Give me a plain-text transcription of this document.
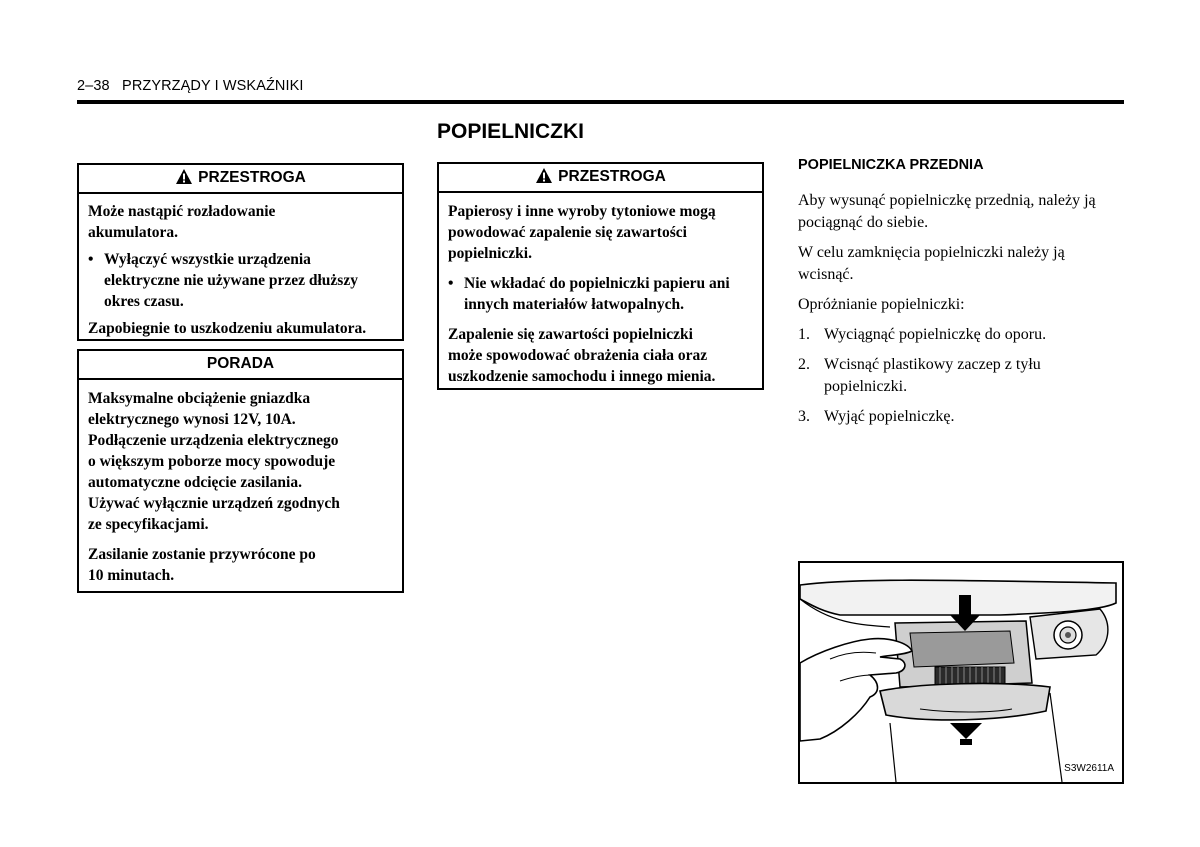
2–38   PRZYRZĄDY I WSKAŹNIKI
POPIELNICZKI
PRZESTROGA

Może nastąpić rozładowanie
akumulatora.

• Wyłączyć wszystkie urządzenia
elektryczne nie używane przez dłuższy
okres czasu.

Zapobiegnie to uszkodzeniu akumulatora.

PORADA

Maksymalne obciążenie gniazdka
elektrycznego wynosi 12V, 10A.
Podłączenie urządzenia elektrycznego
o większym poborze mocy spowoduje
automatyczne odcięcie zasilania.
Używać wyłącznie urządzeń zgodnych
ze specyfikacjami.

Zasilanie zostanie przywrócone po
10 minutach.

PRZESTROGA

Papierosy i inne wyroby tytoniowe mogą
powodować zapalenie się zawartości
popielniczki.

• Nie wkładać do popielniczki papieru ani
innych materiałów łatwopalnych.

Zapalenie się zawartości popielniczki
może spowodować obrażenia ciała oraz
uszkodzenie samochodu i innego mienia.

POPIELNICZKA PRZEDNIA

Aby wysunąć popielniczkę przednią, należy ją
pociągnąć do siebie.

W celu zamknięcia popielniczki należy ją
wcisnąć.

Opróżnianie popielniczki:

1. Wyciągnąć popielniczkę do oporu.
2. Wcisnąć plastikowy zaczep z tyłu
popielniczki.
3. Wyjąć popielniczkę.
S3W2611A
